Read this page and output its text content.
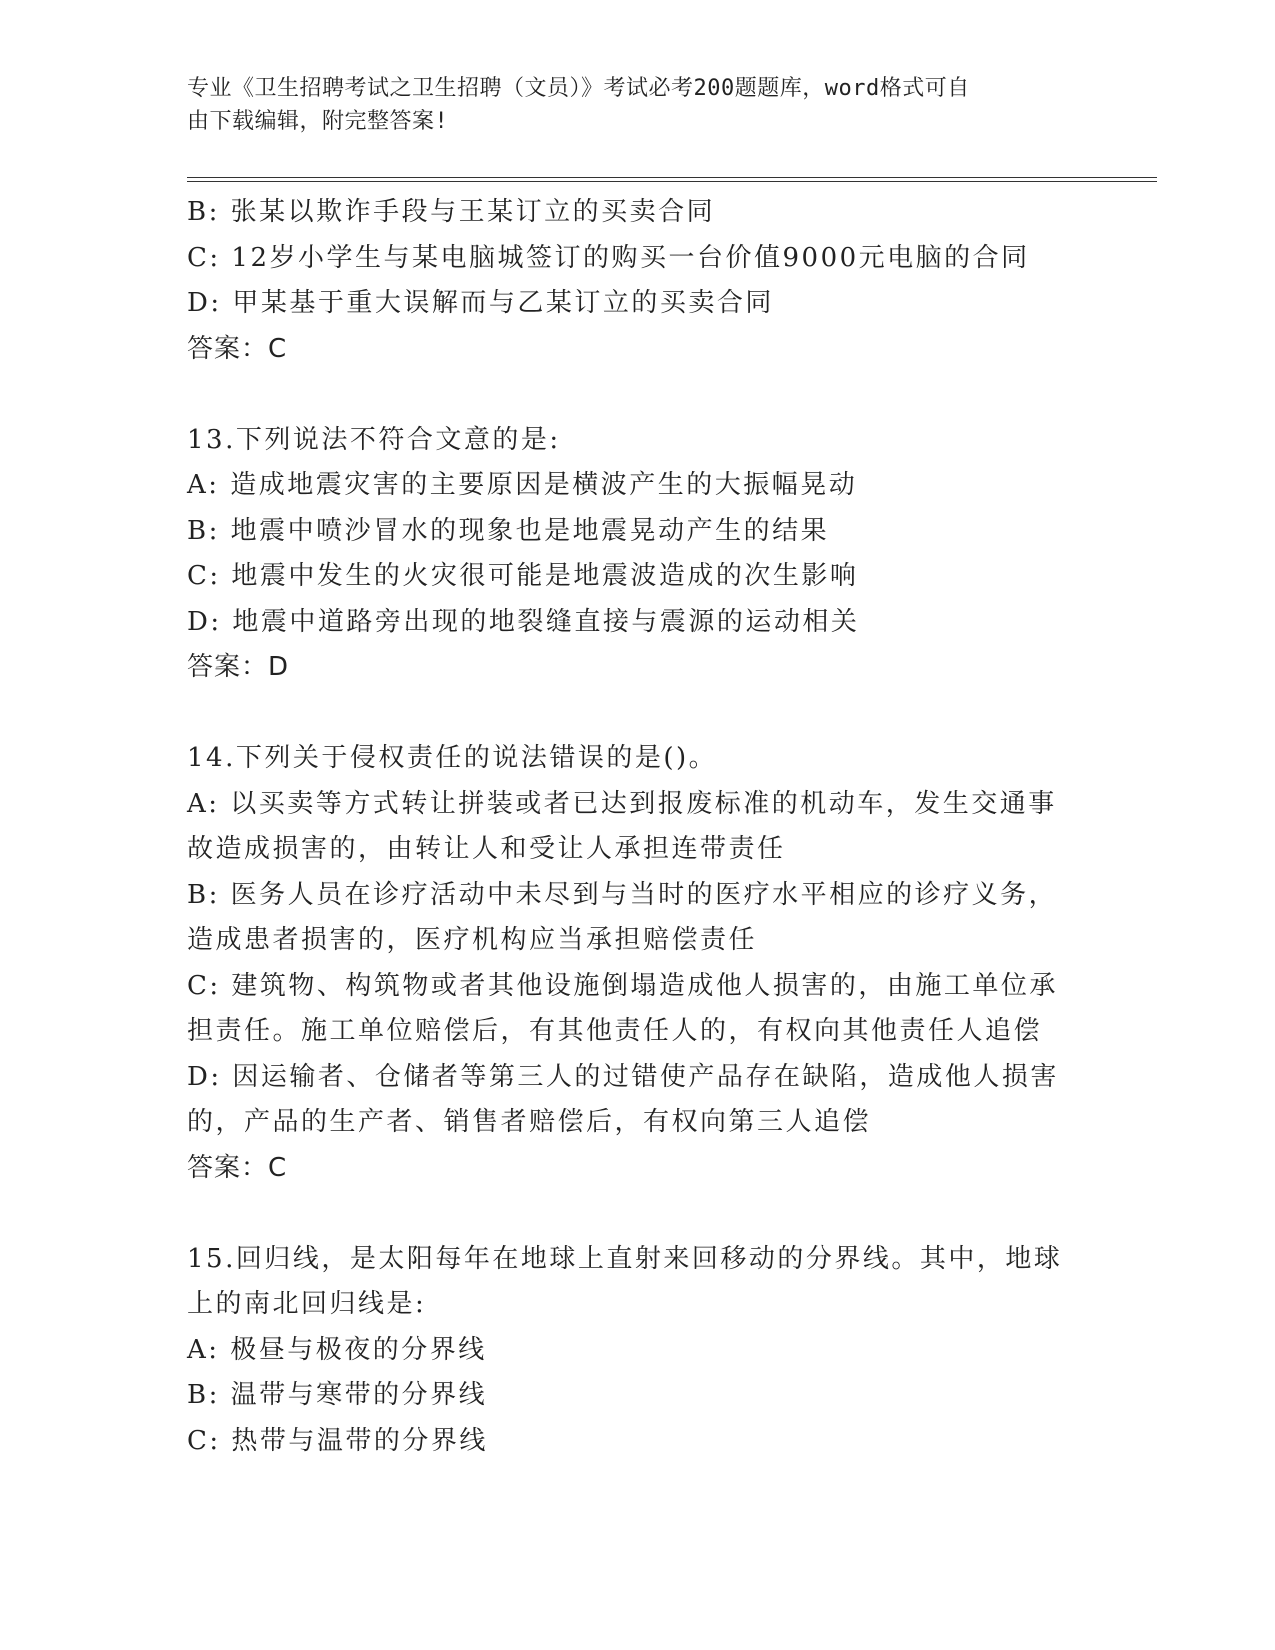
专业《卫生招聘考试之卫生招聘（文员）》考试必考200题题库，word格式可自
由下载编辑，附完整答案!
B: 张某以欺诈手段与王某订立的买卖合同
C: 12岁小学生与某电脑城签订的购买一台价值9000元电脑的合同
D: 甲某基于重大误解而与乙某订立的买卖合同
答案：C
13.下列说法不符合文意的是:
A: 造成地震灾害的主要原因是横波产生的大振幅晃动
B: 地震中喷沙冒水的现象也是地震晃动产生的结果
C: 地震中发生的火灾很可能是地震波造成的次生影响
D: 地震中道路旁出现的地裂缝直接与震源的运动相关
答案：D
14.下列关于侵权责任的说法错误的是()。
A: 以买卖等方式转让拼装或者已达到报废标准的机动车，发生交通事
故造成损害的，由转让人和受让人承担连带责任
B: 医务人员在诊疗活动中未尽到与当时的医疗水平相应的诊疗义务，
造成患者损害的，医疗机构应当承担赔偿责任
C: 建筑物、构筑物或者其他设施倒塌造成他人损害的，由施工单位承
担责任。施工单位赔偿后，有其他责任人的，有权向其他责任人追偿
D: 因运输者、仓储者等第三人的过错使产品存在缺陷，造成他人损害
的，产品的生产者、销售者赔偿后，有权向第三人追偿
答案：C
15.回归线，是太阳每年在地球上直射来回移动的分界线。其中，地球
上的南北回归线是:
A: 极昼与极夜的分界线
B: 温带与寒带的分界线
C: 热带与温带的分界线
